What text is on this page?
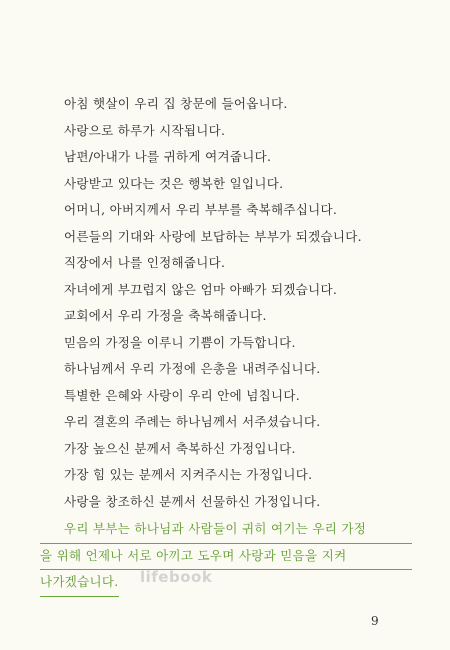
아침 햇살이 우리 집 창문에 들어옵니다.
사랑으로 하루가 시작됩니다.
남편/아내가 나를 귀하게 여겨줍니다.
사랑받고 있다는 것은 행복한 일입니다.
어머니, 아버지께서 우리 부부를 축복해주십니다.
어른들의 기대와 사랑에 보답하는 부부가 되겠습니다.
직장에서 나를 인정해줍니다.
자녀에게 부끄럽지 않은 엄마 아빠가 되겠습니다.
교회에서 우리 가정을 축복해줍니다.
믿음의 가정을 이루니 기쁨이 가득합니다.
하나님께서 우리 가정에 은총을 내려주십니다.
특별한 은혜와 사랑이 우리 안에 넘칩니다.
우리 결혼의 주례는 하나님께서 서주셨습니다.
가장 높으신 분께서 축복하신 가정입니다.
가장 힘 있는 분께서 지켜주시는 가정입니다.
사랑을 창조하신 분께서 선물하신 가정입니다.
우리 부부는 하나님과 사람들이 귀히 여기는 우리 가정
을 위해 언제나 서로 아끼고 도우며 사랑과 믿음을 지켜
나가겠습니다.	lifebook
9
